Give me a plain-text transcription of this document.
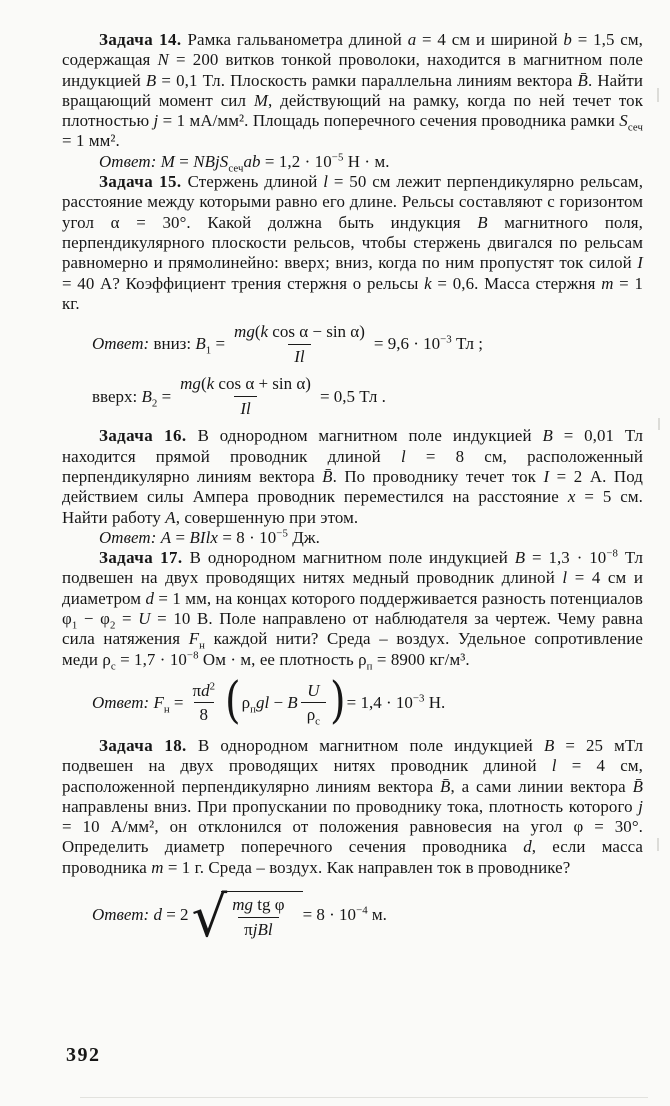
Задача 14. Рамка гальванометра длиной a = 4 см и шириной b = 1,5 см, содержащая N = 200 витков тонкой проволоки, находится в магнитном поле индукцией B = 0,1 Тл. Плоскость рамки параллельна линиям вектора B̄. Найти вращающий момент сил M, действующий на рамку, когда по ней течет ток плотностью j = 1 мА/мм². Площадь поперечного сечения проводника рамки $S_{сеч} = 1$ мм².

Ответ: M = NBjS$_{сеч}$ab = $1,2 \cdot 10^{-5}$ Н · м.

Задача 15. Стержень длиной l = 50 см лежит перпендикулярно рельсам, расстояние между которыми равно его длине. Рельсы составляют с горизонтом угол α = 30°. Какой должна быть индукция B магнитного поля, перпендикулярного плоскости рельсов, чтобы стержень двигался по рельсам равномерно и прямолинейно: вверх; вниз, когда по ним пропустят ток силой I = 40 А? Коэффициент трения стержня о рельсы k = 0,6. Масса стержня m = 1 кг.

Ответ: вниз: $B_1 = \frac{\text{mg(k cos α − sin α)}}{Il} = 9,6 \cdot 10^{-3}$ Тл ;
вверх: $B_2 = \frac{\text{mg(k cos α + sin α)}}{Il} = 0,5$ Тл .

Задача 16. В однородном магнитном поле индукцией B = 0,01 Тл находится прямой проводник длиной l = 8 см, расположенный перпендикулярно линиям вектора B̄. По проводнику течет ток I = 2 А. Под действием силы Ампера проводник переместился на расстояние x = 5 см. Найти работу A, совершенную при этом.

Ответ: A = BIlx = $8 \cdot 10^{-5}$ Дж.

Задача 17. В однородном магнитном поле индукцией $B = 1,3 \cdot 10^{-8}$ Тл подвешен на двух проводящих нитях медный проводник длиной l = 4 см и диаметром d = 1 мм, на концах которого поддерживается разность потенциалов $\varphi_1 - \varphi_2 = U = 10$ В. Поле направлено от наблюдателя за чертеж. Чему равна сила натяжения $F_н$ каждой нити? Среда – воздух. Удельное сопротивление меди $\rho_с = 1,7 \cdot 10^{-8}$ Ом · м, ее плотность $\rho_п = 8900$ кг/м³.

Ответ: $F_н = \frac{\pi d^2}{8}$ ( $\rho_пgl - B \frac{U}{\rho_с}$ ) = $1,4 \cdot 10^{-3}$ Н.

Задача 18. В однородном магнитном поле индукцией B = 25 мТл подвешен на двух проводящих нитях проводник длиной l = 4 см, расположенной перпендикулярно линиям вектора B̄, а сами линии вектора B̄ направлены вниз. При пропускании по проводнику тока, плотность которого j = 10 А/мм², он отклонился от положения равновесия на угол φ = 30°. Определить диаметр поперечного сечения проводника d, если масса проводника m = 1 г. Среда – воздух. Как направлен ток в проводнике?

Ответ: d = 2 √ $\frac{\text{mg tg φ}}{\text{πjBl}} = 8 \cdot 10^{-4}$ м.
392
